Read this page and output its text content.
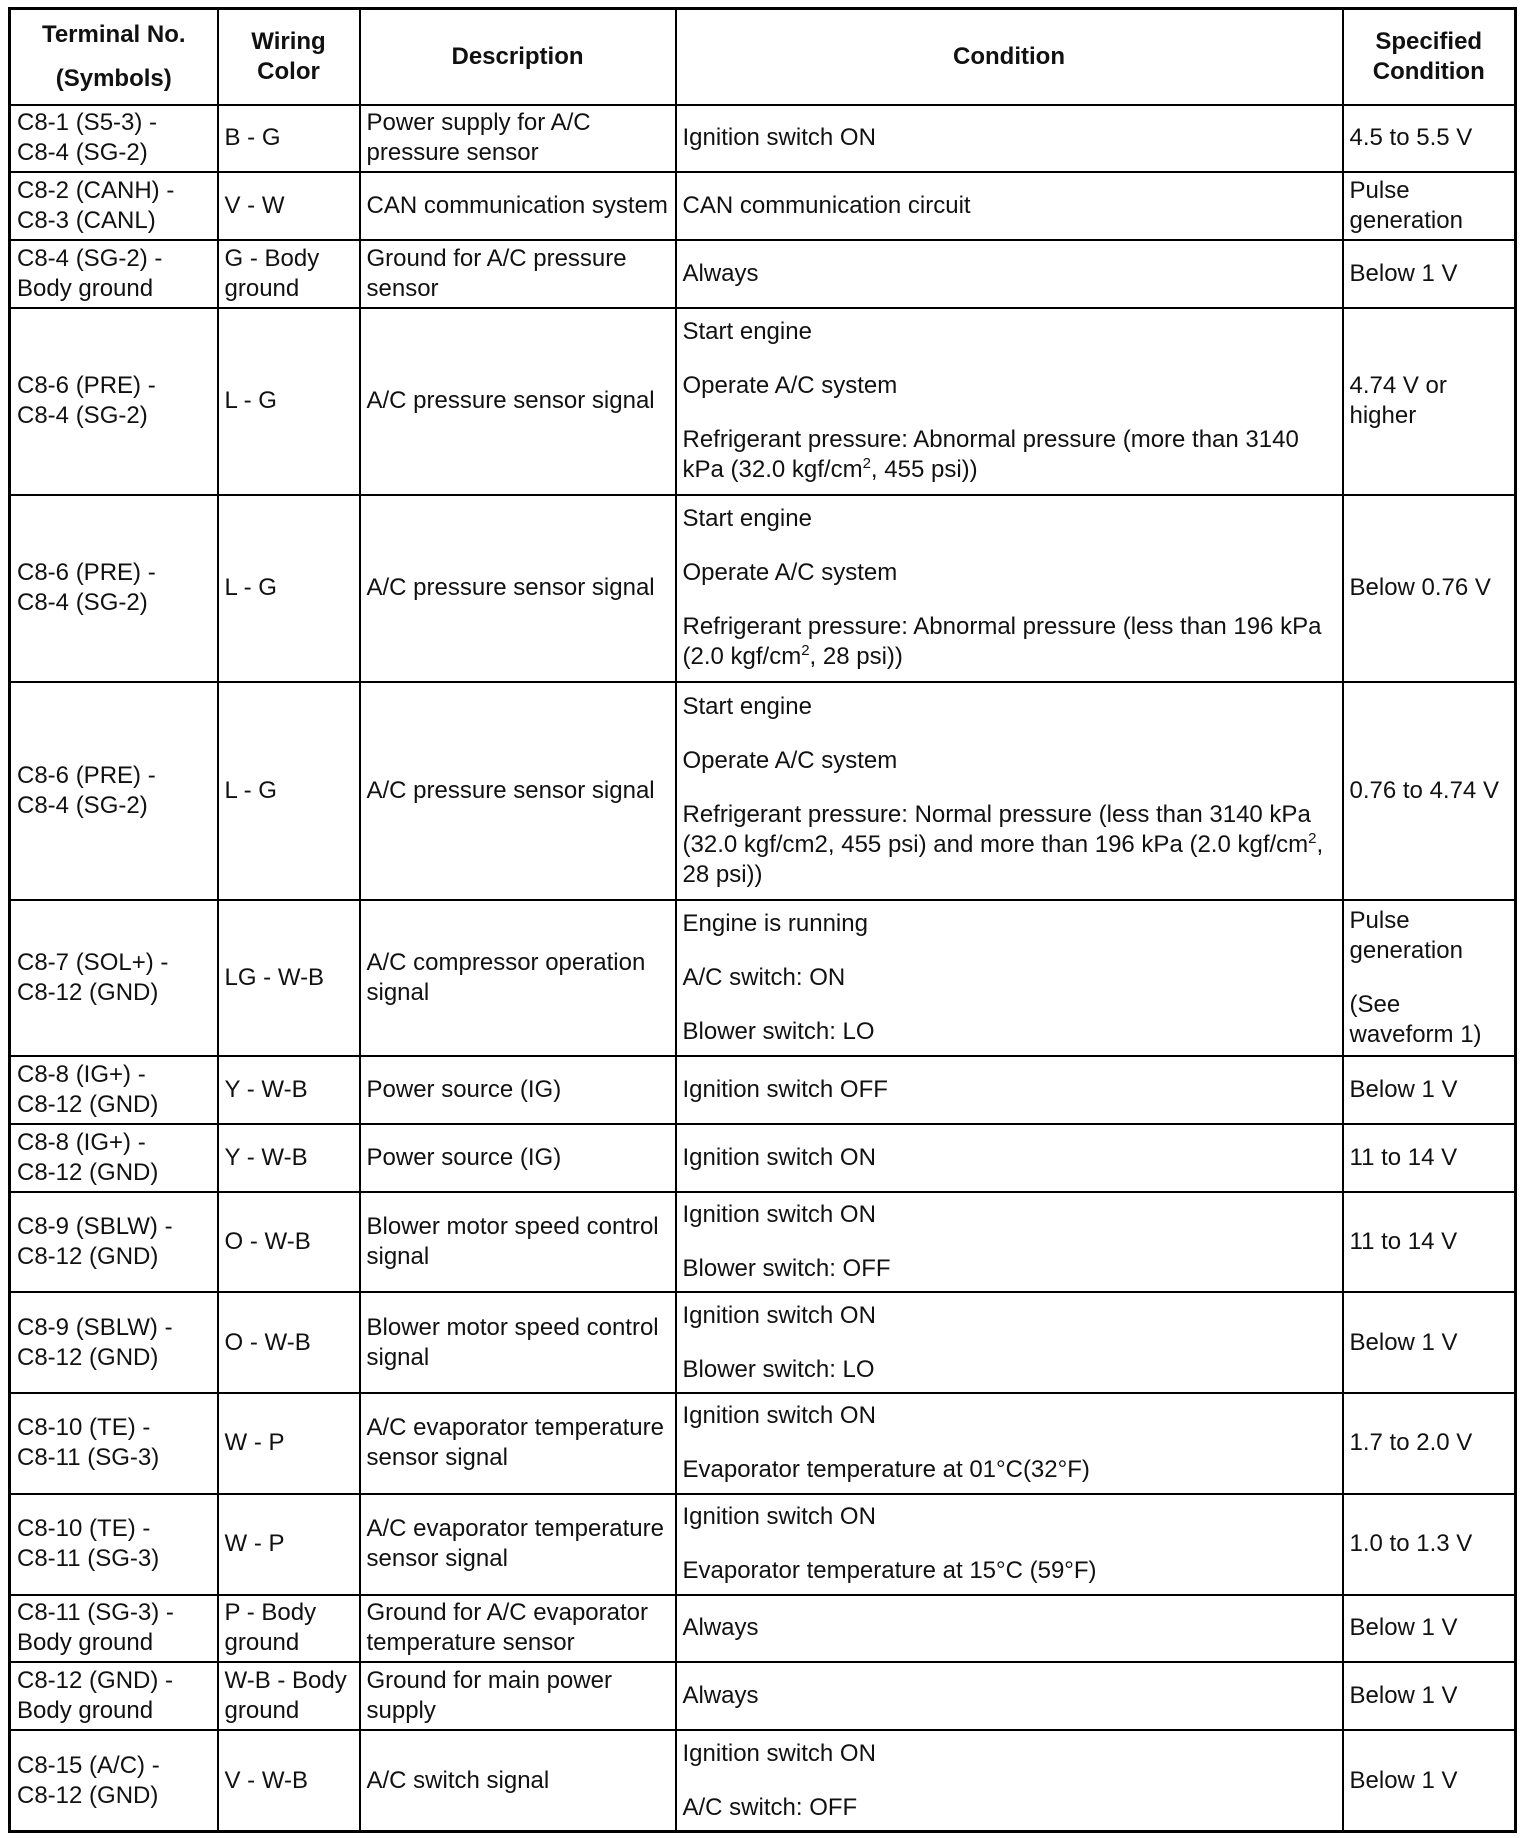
Terminal No.
(Symbols)	Wiring Color	Description	Condition	Specified Condition

C8-1 (S5-3) -
C8-4 (SG-2)	B - G	Power supply for A/C pressure sensor	Ignition switch ON	4.5 to 5.5 V

C8-2 (CANH) -
C8-3 (CANL)	V - W	CAN communication system	CAN communication circuit	Pulse generation

C8-4 (SG-2) -
Body ground	G - Body ground	Ground for A/C pressure sensor	Always	Below 1 V

C8-6 (PRE) -
C8-4 (SG-2)	L - G	A/C pressure sensor signal	Start engine
Operate A/C system
Refrigerant pressure: Abnormal pressure (more than 3140 kPa (32.0 kgf/$cm^2$, 455 psi))	4.74 V or higher

C8-6 (PRE) -
C8-4 (SG-2)	L - G	A/C pressure sensor signal	Start engine
Operate A/C system
Refrigerant pressure: Abnormal pressure (less than 196 kPa (2.0 kgf/$cm^2$, 28 psi))	Below 0.76 V

C8-6 (PRE) -
C8-4 (SG-2)	L - G	A/C pressure sensor signal	Start engine
Operate A/C system
Refrigerant pressure: Normal pressure (less than 3140 kPa (32.0 kgf/cm2, 455 psi) and more than 196 kPa (2.0 kgf/$cm^2$, 28 psi))	0.76 to 4.74 V

C8-7 (SOL+) -
C8-12 (GND)	LG - W-B	A/C compressor operation signal	Engine is running
A/C switch: ON
Blower switch: LO	Pulse generation
(See waveform 1)

C8-8 (IG+) -
C8-12 (GND)	Y - W-B	Power source (IG)	Ignition switch OFF	Below 1 V

C8-8 (IG+) -
C8-12 (GND)	Y - W-B	Power source (IG)	Ignition switch ON	11 to 14 V

C8-9 (SBLW) -
C8-12 (GND)	O - W-B	Blower motor speed control signal	Ignition switch ON
Blower switch: OFF	11 to 14 V

C8-9 (SBLW) -
C8-12 (GND)	O - W-B	Blower motor speed control signal	Ignition switch ON
Blower switch: LO	Below 1 V

C8-10 (TE) -
C8-11 (SG-3)	W - P	A/C evaporator temperature sensor signal	Ignition switch ON
Evaporator temperature at 01°C(32°F)	1.7 to 2.0 V

C8-10 (TE) -
C8-11 (SG-3)	W - P	A/C evaporator temperature sensor signal	Ignition switch ON
Evaporator temperature at 15°C (59°F)	1.0 to 1.3 V

C8-11 (SG-3) -
Body ground	P - Body ground	Ground for A/C evaporator temperature sensor	Always	Below 1 V

C8-12 (GND) -
Body ground	W-B - Body ground	Ground for main power supply	Always	Below 1 V

C8-15 (A/C) -
C8-12 (GND)	V - W-B	A/C switch signal	Ignition switch ON
A/C switch: OFF	Below 1 V
